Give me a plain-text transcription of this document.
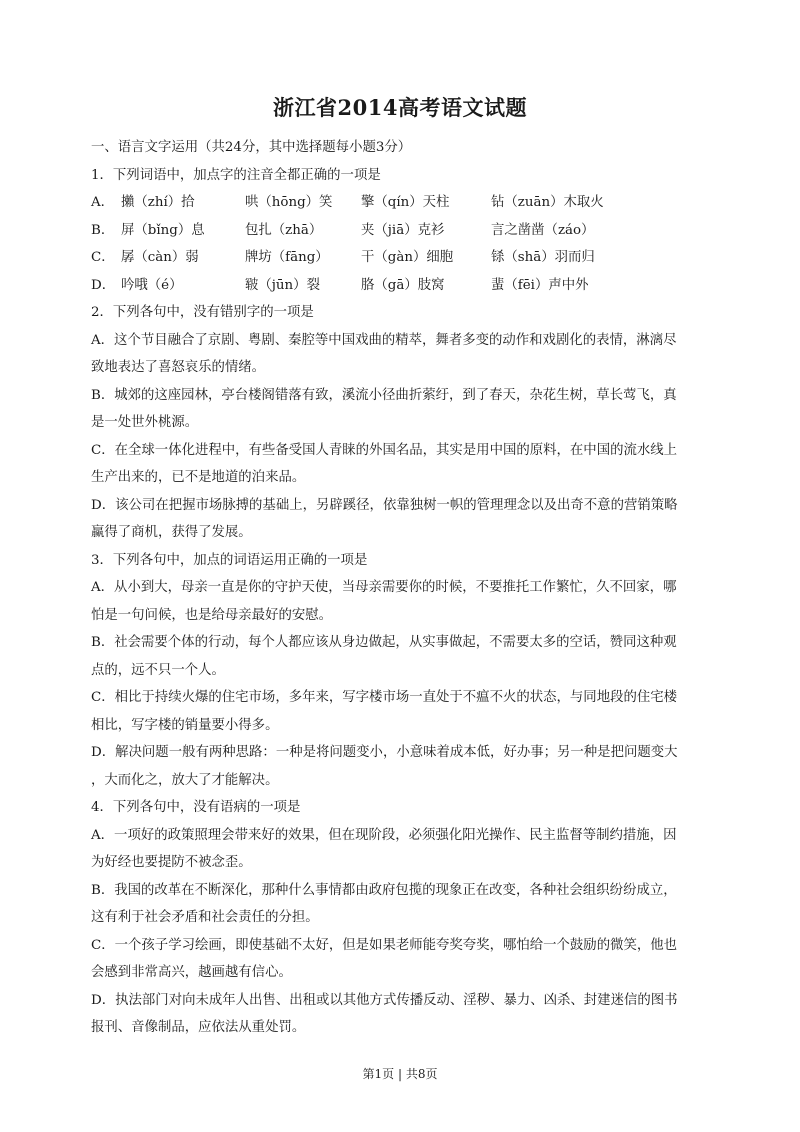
浙江省2014高考语文试题
一、语言文字运用（共24分，其中选择题每小题3分）
1．下列词语中，加点字的注音全都正确的一项是
A． 攋（zhí）拾	哄（hōng）笑	擎（qín）天柱	钻（zuān）木取火
B． 屏（bǐng）息	包扎（zhā）	夹（jiā）克衫	言之凿凿（záo）
C． 孱（càn）弱	牌坊（fāng）	干（gàn）细胞	铩（shā）羽而归
D． 吟哦（é）	皲（jūn）裂	胳（gā）肢窝	蜚（fēi）声中外
2．下列各句中，没有错别字的一项是
A．这个节目融合了京剧、粤剧、秦腔等中国戏曲的精萃，舞者多变的动作和戏剧化的表情，淋漓尽
致地表达了喜怒哀乐的情绪。
B．城郊的这座园林，亭台楼阁错落有致，溪流小径曲折萦纡，到了春天，杂花生树，草长莺飞，真
是一处世外桃源。
C．在全球一体化进程中，有些备受国人青睐的外国名品，其实是用中国的原料，在中国的流水线上
生产出来的，已不是地道的泊来品。
D．该公司在把握市场脉搏的基础上，另辟蹊径，依靠独树一帜的管理理念以及出奇不意的营销策略
赢得了商机，获得了发展。
3．下列各句中，加点的词语运用正确的一项是
A．从小到大，母亲一直是你的守护天使，当母亲需要你的时候，不要推托工作繁忙，久不回家，哪
怕是一句问候，也是给母亲最好的安慰。
B．社会需要个体的行动，每个人都应该从身边做起，从实事做起，不需要太多的空话，赞同这种观
点的，远不只一个人。
C．相比于持续火爆的住宅市场，多年来，写字楼市场一直处于不瘟不火的状态，与同地段的住宅楼
相比，写字楼的销量要小得多。
D．解决问题一般有两种思路：一种是将问题变小，小意味着成本低，好办事；另一种是把问题变大
，大而化之，放大了才能解决。
4．下列各句中，没有语病的一项是
A．一项好的政策照理会带来好的效果，但在现阶段，必须强化阳光操作、民主监督等制约措施，因
为好经也要提防不被念歪。
B．我国的改革在不断深化，那种什么事情都由政府包揽的现象正在改变，各种社会组织纷纷成立，
这有利于社会矛盾和社会责任的分担。
C．一个孩子学习绘画，即使基础不太好，但是如果老师能夸奖夸奖，哪怕给一个鼓励的微笑，他也
会感到非常高兴，越画越有信心。
D．执法部门对向未成年人出售、出租或以其他方式传播反动、淫秽、暴力、凶杀、封建迷信的图书
报刊、音像制品，应依法从重处罚。
第1页 | 共8页
